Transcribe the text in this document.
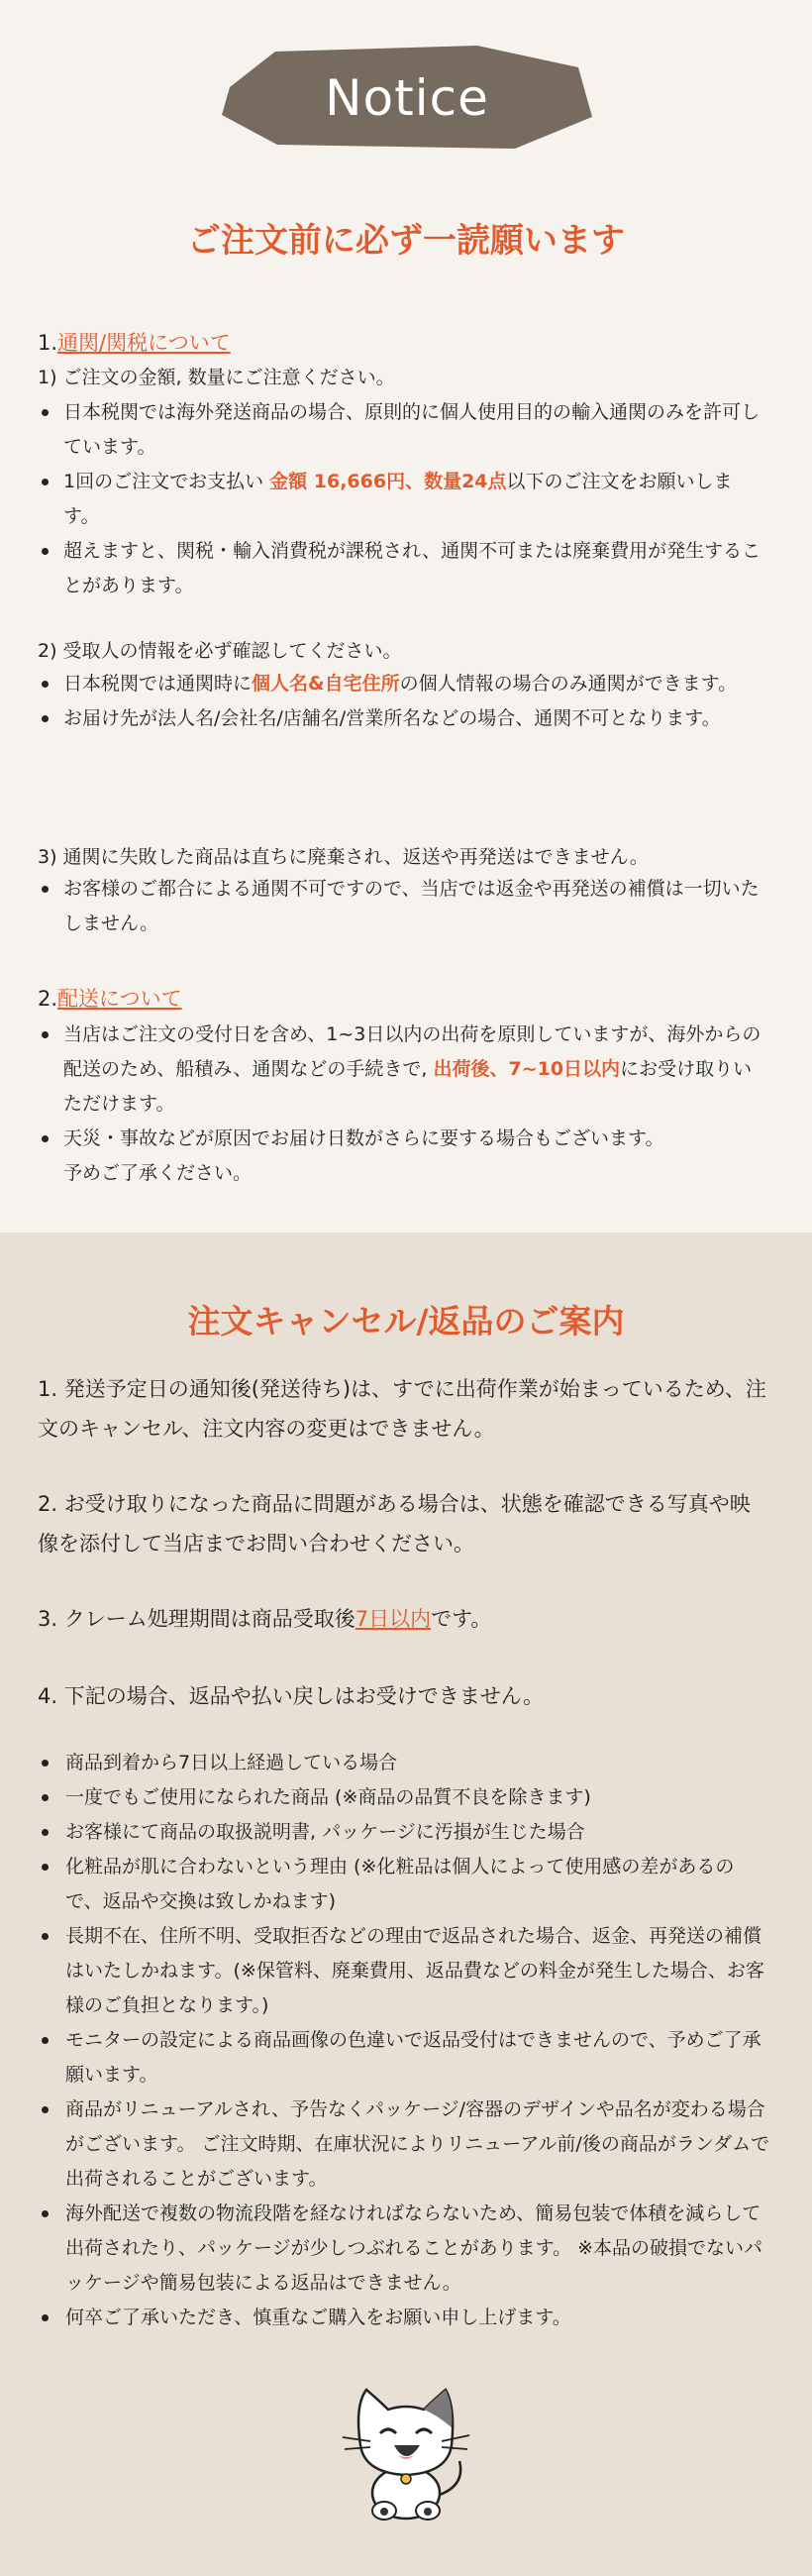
Notice
ご注文前に必ず一読願います
1.通関/関税について
1) ご注文の金額, 数量にご注意ください。
日本税関では海外発送商品の場合、原則的に個人使用目的の輸入通関のみを許可しています。
1回のご注文でお支払い 金額 16,666円、数量24点以下のご注文をお願いします。
超えますと、関税・輸入消費税が課税され、通関不可または廃棄費用が発生することがあります。
2) 受取人の情報を必ず確認してください。
日本税関では通関時に個人名&自宅住所の個人情報の場合のみ通関ができます。
お届け先が法人名/会社名/店舗名/営業所名などの場合、通関不可となります。
3) 通関に失敗した商品は直ちに廃棄され、返送や再発送はできません。
お客様のご都合による通関不可ですので、当店では返金や再発送の補償は一切いたしません。
2.配送について
当店はご注文の受付日を含め、1~3日以内の出荷を原則していますが、海外からの配送のため、船積み、通関などの手続きで, 出荷後、7~10日以内にお受け取りいただけます。
天災・事故などが原因でお届け日数がさらに要する場合もございます。
予めご了承ください。
注文キャンセル/返品のご案内
1. 発送予定日の通知後(発送待ち)は、すでに出荷作業が始まっているため、注文のキャンセル、注文内容の変更はできません。
2. お受け取りになった商品に問題がある場合は、状態を確認できる写真や映像を添付して当店までお問い合わせください。
3. クレーム処理期間は商品受取後7日以内です。
4. 下記の場合、返品や払い戻しはお受けできません。
商品到着から7日以上経過している場合
一度でもご使用になられた商品 (※商品の品質不良を除きます)
お客様にて商品の取扱説明書, パッケージに汚損が生じた場合
化粧品が肌に合わないという理由 (※化粧品は個人によって使用感の差があるので、返品や交換は致しかねます)
長期不在、住所不明、受取拒否などの理由で返品された場合、返金、再発送の補償はいたしかねます。(※保管料、廃棄費用、返品費などの料金が発生した場合、お客様のご負担となります。)
モニターの設定による商品画像の色違いで返品受付はできませんので、予めご了承願います。
商品がリニューアルされ、予告なくパッケージ/容器のデザインや品名が変わる場合がございます。 ご注文時期、在庫状況によりリニューアル前/後の商品がランダムで出荷されることがございます。
海外配送で複数の物流段階を経なければならないため、簡易包装で体積を減らして出荷されたり、パッケージが少しつぶれることがあります。 ※本品の破損でないパッケージや簡易包装による返品はできません。
何卒ご了承いただき、慎重なご購入をお願い申し上げます。
